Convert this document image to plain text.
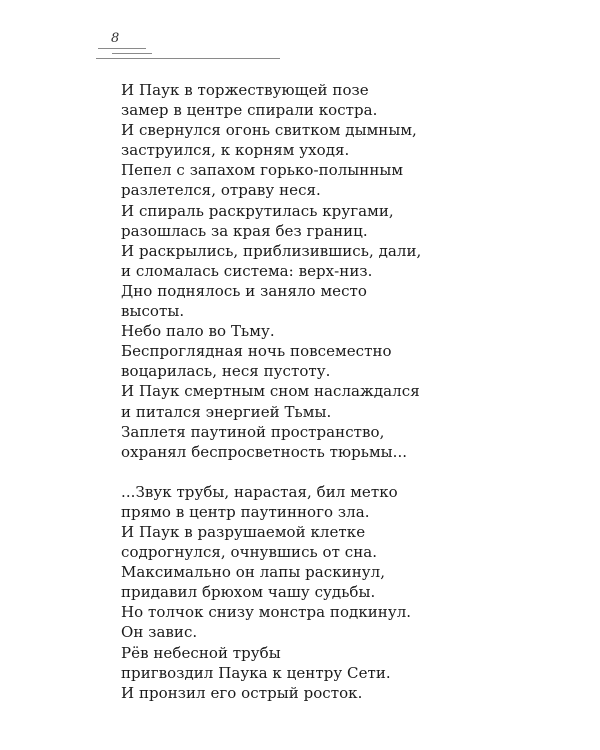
8
И Паук в торжествующей позе
замер в центре спирали костра.
И свернулся огонь свитком дымным,
заструился, к корням уходя.
Пепел с запахом горько-полынным
разлетелся, отраву неся.
И спираль раскрутилась кругами,
разошлась за края без границ.
И раскрылись, приблизившись, дали,
и сломалась система: верх-низ.
Дно поднялось и заняло место
высоты.
Небо пало во Тьму.
Беспроглядная ночь повсеместно
воцарилась, неся пустоту.
И Паук смертным сном наслаждался
и питался энергией Тьмы.
Заплетя паутиной пространство,
охранял беспросветность тюрьмы...
...Звук трубы, нарастая, бил метко
прямо в центр паутинного зла.
И Паук в разрушаемой клетке
содрогнулся, очнувшись от сна.
Максимально он лапы раскинул,
придавил брюхом чашу судьбы.
Но толчок снизу монстра подкинул.
Он завис.
Рёв небесной трубы
пригвоздил Паука к центру Сети.
И пронзил его острый росток.
